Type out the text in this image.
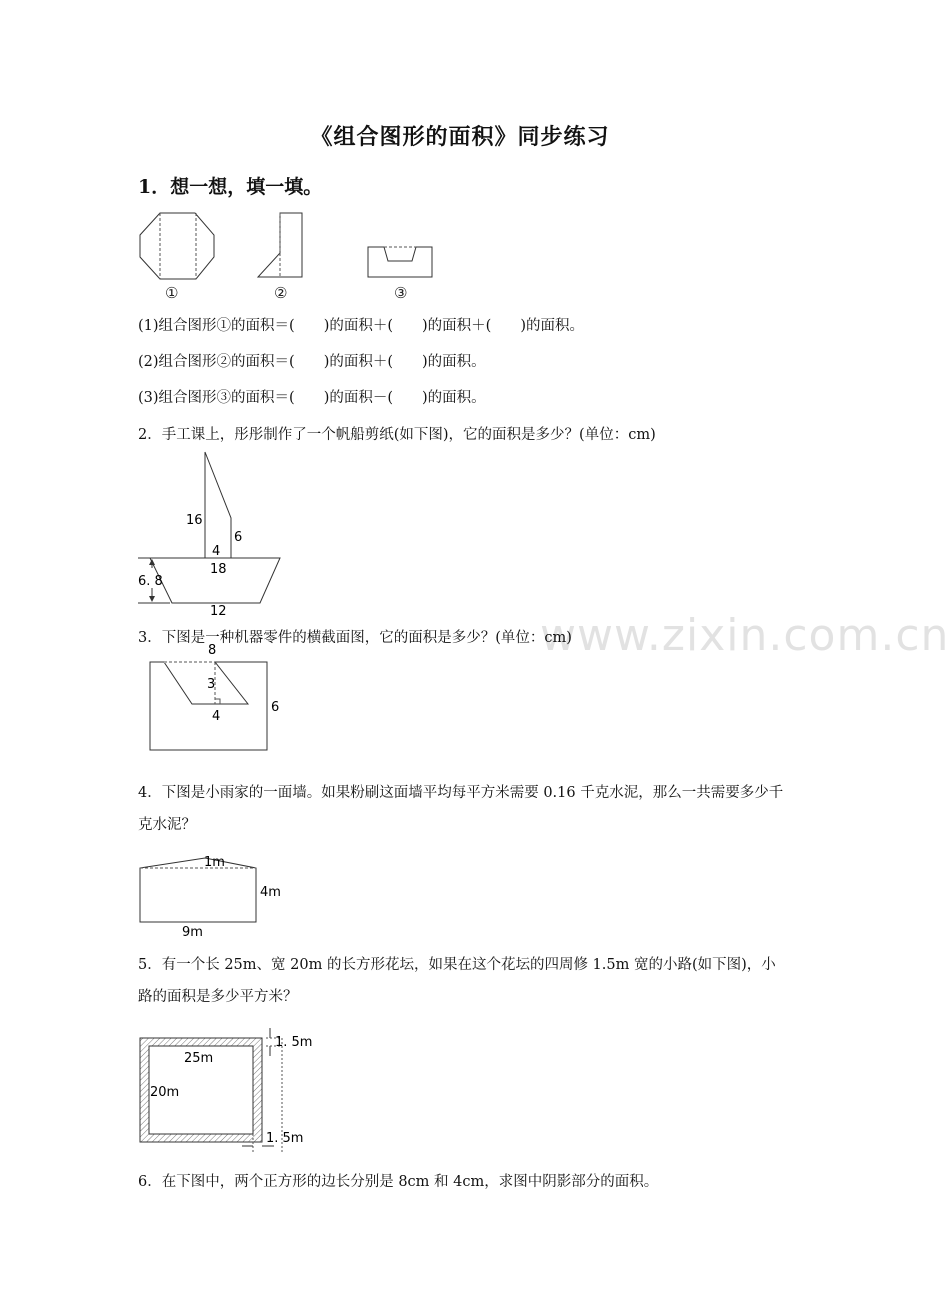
www.zixin.com.cn
《组合图形的面积》同步练习
1．想一想，填一填。
①	②	③
(1)组合图形①的面积＝(　　)的面积＋(　　)的面积＋(　　)的面积。
(2)组合图形②的面积＝(　　)的面积＋(　　)的面积。
(3)组合图形③的面积＝(　　)的面积－(　　)的面积。
2．手工课上，彤彤制作了一个帆船剪纸(如下图)，它的面积是多少？(单位：cm)
16
6
4
18
6. 8
12
3．下图是一种机器零件的横截面图，它的面积是多少？(单位：cm)
3
4
6
8
4．下图是小雨家的一面墙。如果粉刷这面墙平均每平方米需要 0.16 千克水泥，那么一共需要多少千克水泥？
1m
4m
9m
5．有一个长 25m、宽 20m 的长方形花坛，如果在这个花坛的四周修 1.5m 宽的小路(如下图)，小路的面积是多少平方米？
25m
20m
1. 5m
1. 5m
6．在下图中，两个正方形的边长分别是 8cm 和 4cm，求图中阴影部分的面积。
